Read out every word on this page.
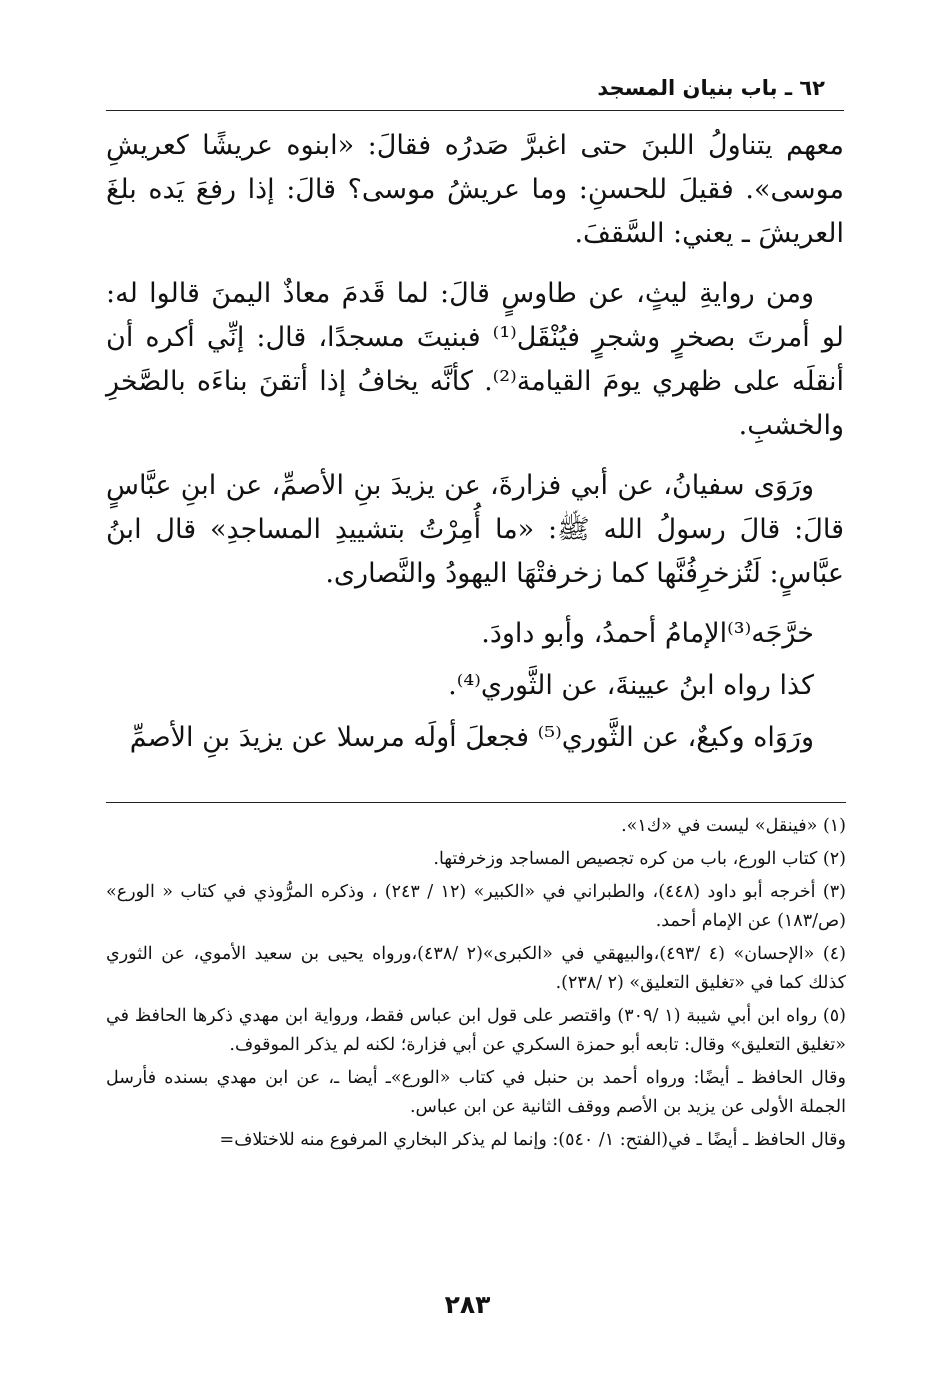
٦٢ ـ باب بنيان المسجد

معهم يتناولُ اللبنَ حتى اغبرَّ صَدرُه فقالَ: «ابنوه عريشًا كعريشِ موسى». فقيلَ للحسنِ: وما عريشُ موسى؟ قالَ: إذا رفعَ يَده بلغَ العريشَ ـ يعني: السَّقفَ.

ومن روايةِ ليثٍ، عن طاوسٍ قالَ: لما قَدمَ معاذٌ اليمنَ قالوا له: لو أمرتَ بصخرٍ وشجرٍ فيُنْقَل⁽¹⁾ فبنيتَ مسجدًا، قال: إنِّي أكره أن أنقلَه على ظهري يومَ القيامة⁽²⁾. كأنَّه يخافُ إذا أتقنَ بناءَه بالصَّخرِ والخشبِ.

ورَوَى سفيانُ، عن أبي فزارةَ، عن يزيدَ بنِ الأصمِّ، عن ابنِ عبَّاسٍ قالَ: قالَ رسولُ الله ﷺ: «ما أُمِرْتُ بتشييدِ المساجدِ» قال ابنُ عبَّاسٍ: لَتُزخرِفُنَّها كما زخرفتْهَا اليهودُ والنَّصارى.

خرَّجَه⁽³⁾الإمامُ أحمدُ، وأبو داودَ.

كذا رواه ابنُ عيينةَ، عن الثَّوري⁽⁴⁾.

ورَوَاه وكيعٌ، عن الثَّوري⁽⁵⁾ فجعلَ أولَه مرسلا عن يزيدَ بنِ الأصمِّ

(١) «فينقل» ليست في «ك١».

(٢) كتاب الورع، باب من كره تجصيص المساجد وزخرفتها.

(٣) أخرجه أبو داود (٤٤٨)، والطبراني في «الكبير» (١٢ / ٢٤٣) ، وذكره المرُّوذي في كتاب « الورع» (ص/١٨٣) عن الإمام أحمد.

(٤) «الإحسان» (٤ /٤٩٣)،والبيهقي في «الكبرى»(٢ /٤٣٨)،ورواه يحيى بن سعيد الأموي، عن الثوري كذلك كما في «تغليق التعليق» (٢ /٢٣٨).

(٥) رواه ابن أبي شيبة (١ /٣٠٩) واقتصر على قول ابن عباس فقط، ورواية ابن مهدي ذكرها الحافظ في «تغليق التعليق» وقال: تابعه أبو حمزة السكري عن أبي فزارة؛ لكنه لم يذكر الموقوف.

وقال الحافظ ـ أيضًا: ورواه أحمد بن حنبل في كتاب «الورع»ـ أيضا ـ، عن ابن مهدي بسنده فأرسل الجملة الأولى عن يزيد بن الأصم ووقف الثانية عن ابن عباس.

وقال الحافظ ـ أيضًا ـ في(الفتح: ١/ ٥٤٠): وإنما لم يذكر البخاري المرفوع منه للاختلاف=

٢٨٣
